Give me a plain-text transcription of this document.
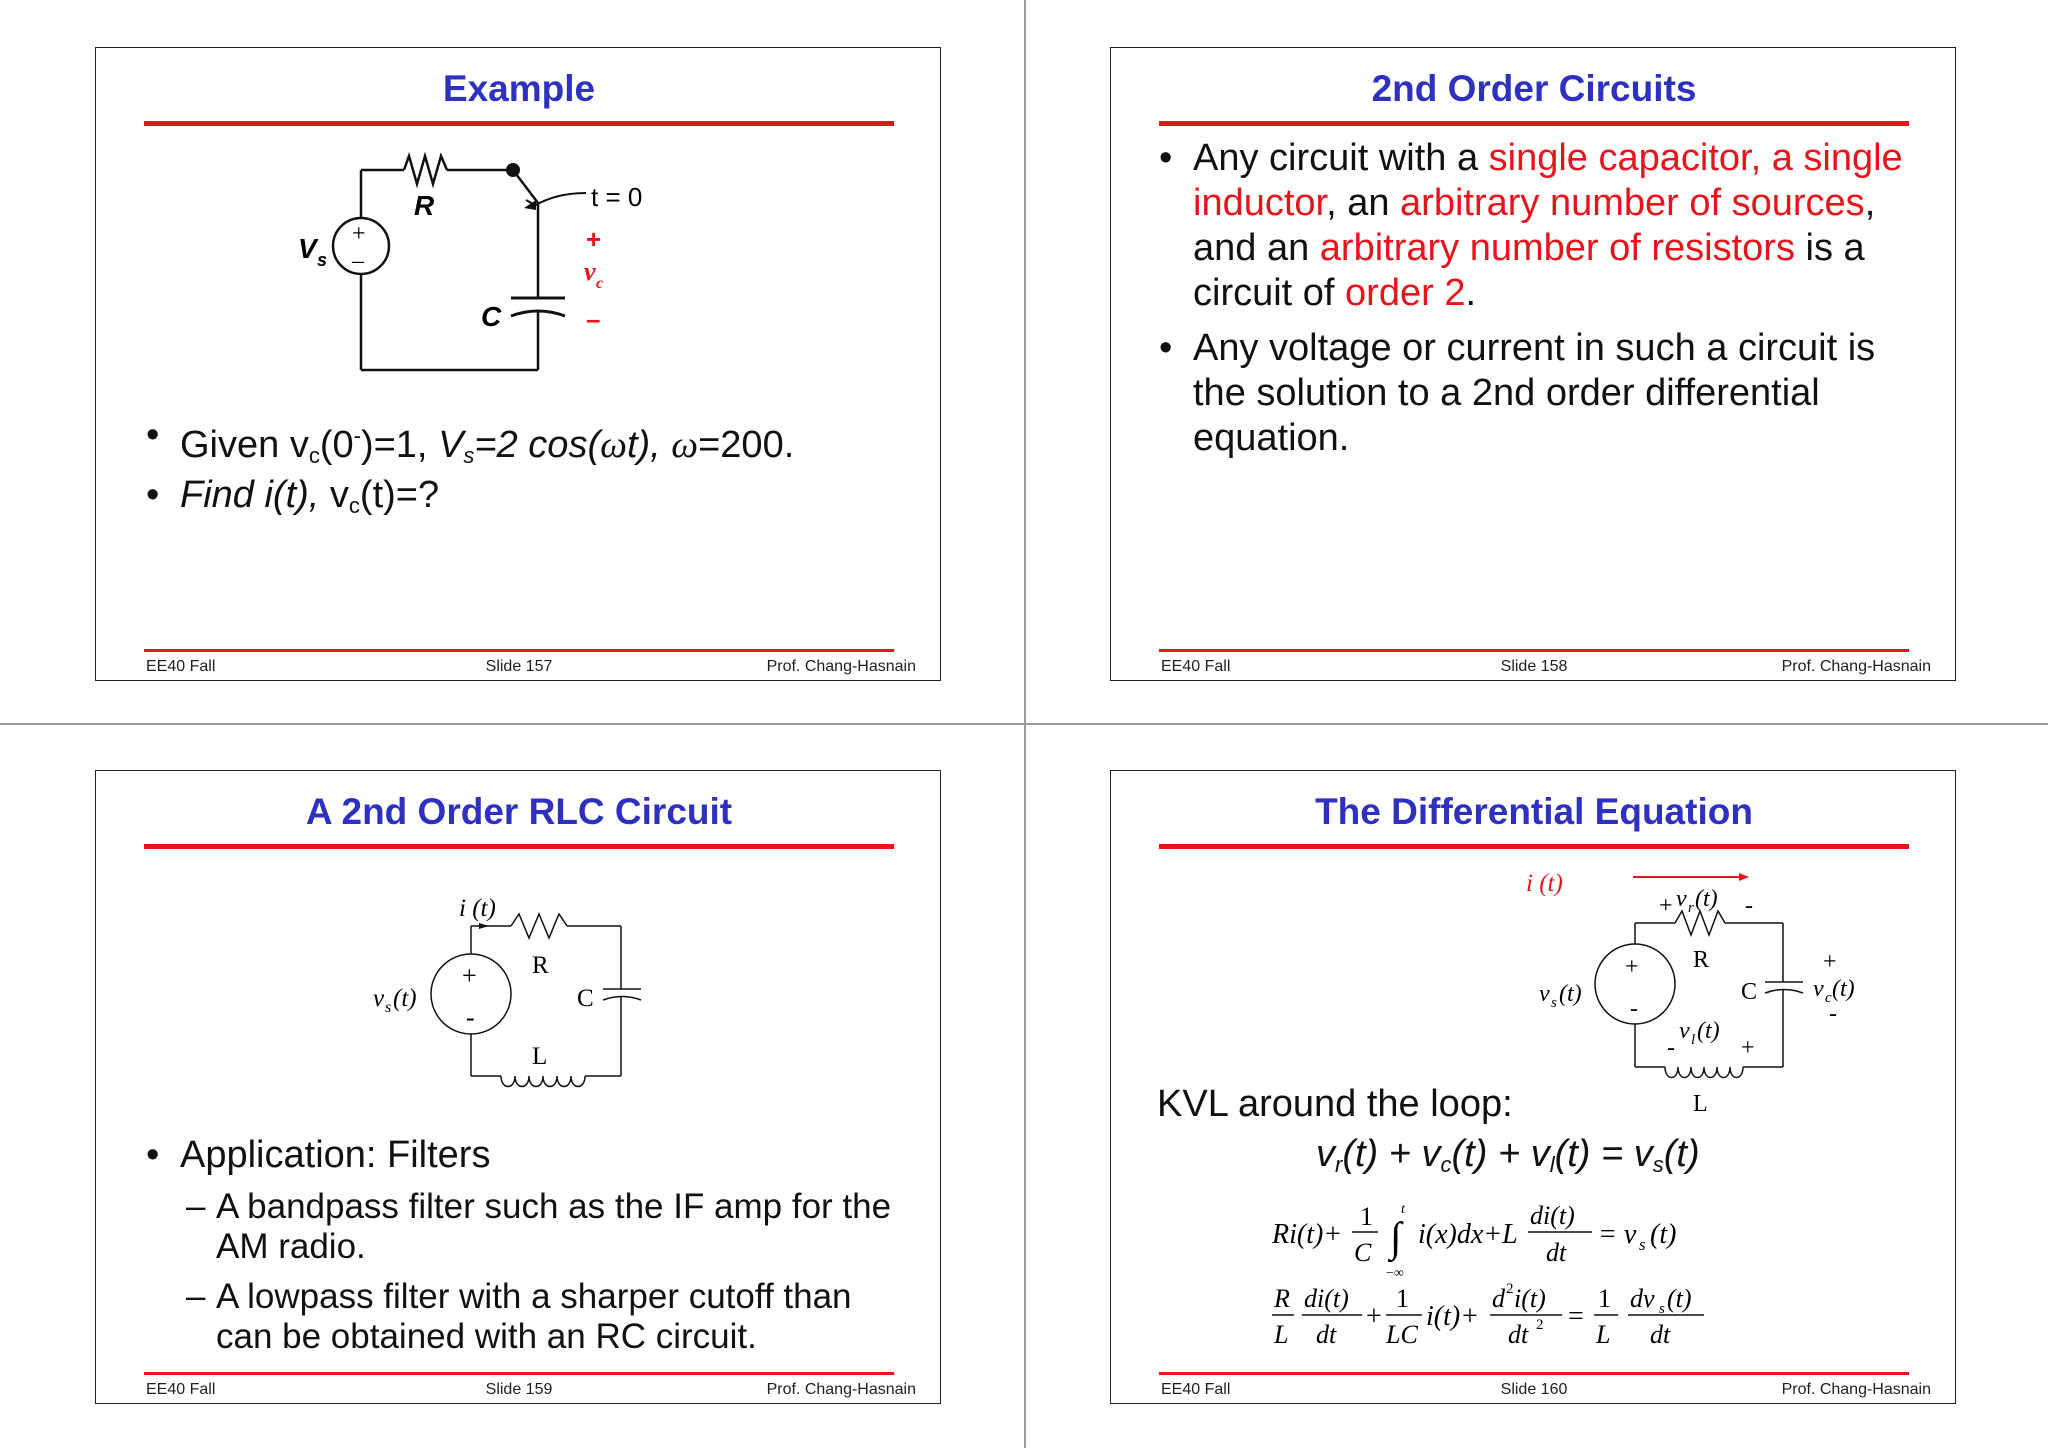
Example
+
–
V s
R
C
t = 0
+
–
v c
• Given $v_c(0^-)=1$, $V_s=2$ cos(ωt), ω=200.
• Find i(t), $v_c(t)=$?
EE40 Fall	Slide 157	Prof. Chang-Hasnain
2nd Order Circuits
• Any circuit with a single capacitor, a single inductor, an arbitrary number of sources, and an arbitrary number of resistors is a circuit of order 2.
• Any voltage or current in such a circuit is the solution to a 2nd order differential equation.
EE40 Fall	Slide 158	Prof. Chang-Hasnain
A 2nd Order RLC Circuit
i (t)
R
C
L
+
-
v s (t)
• Application: Filters
– A bandpass filter such as the IF amp for the AM radio.
– A lowpass filter with a sharper cutoff than can be obtained with an RC circuit.
EE40 Fall	Slide 159	Prof. Chang-Hasnain
The Differential Equation
i (t)
+ v r (t) -
R
C
L
+
-
v s (t)
+
-
v c (t)
-
v l (t)
+
KVL around the loop:
$v_r(t) + v_c(t) + v_l(t) = v_s(t)$
Ri(t)+
1
C ∫
t
−∞
i(x)dx+L
di(t)
dt
= v s (t)
R
L
di(t)
dt
+
1
LC
i(t)+
d 2 i(t)
dt 2 =
1
L
dv s (t)
dt
EE40 Fall	Slide 160	Prof. Chang-Hasnain
